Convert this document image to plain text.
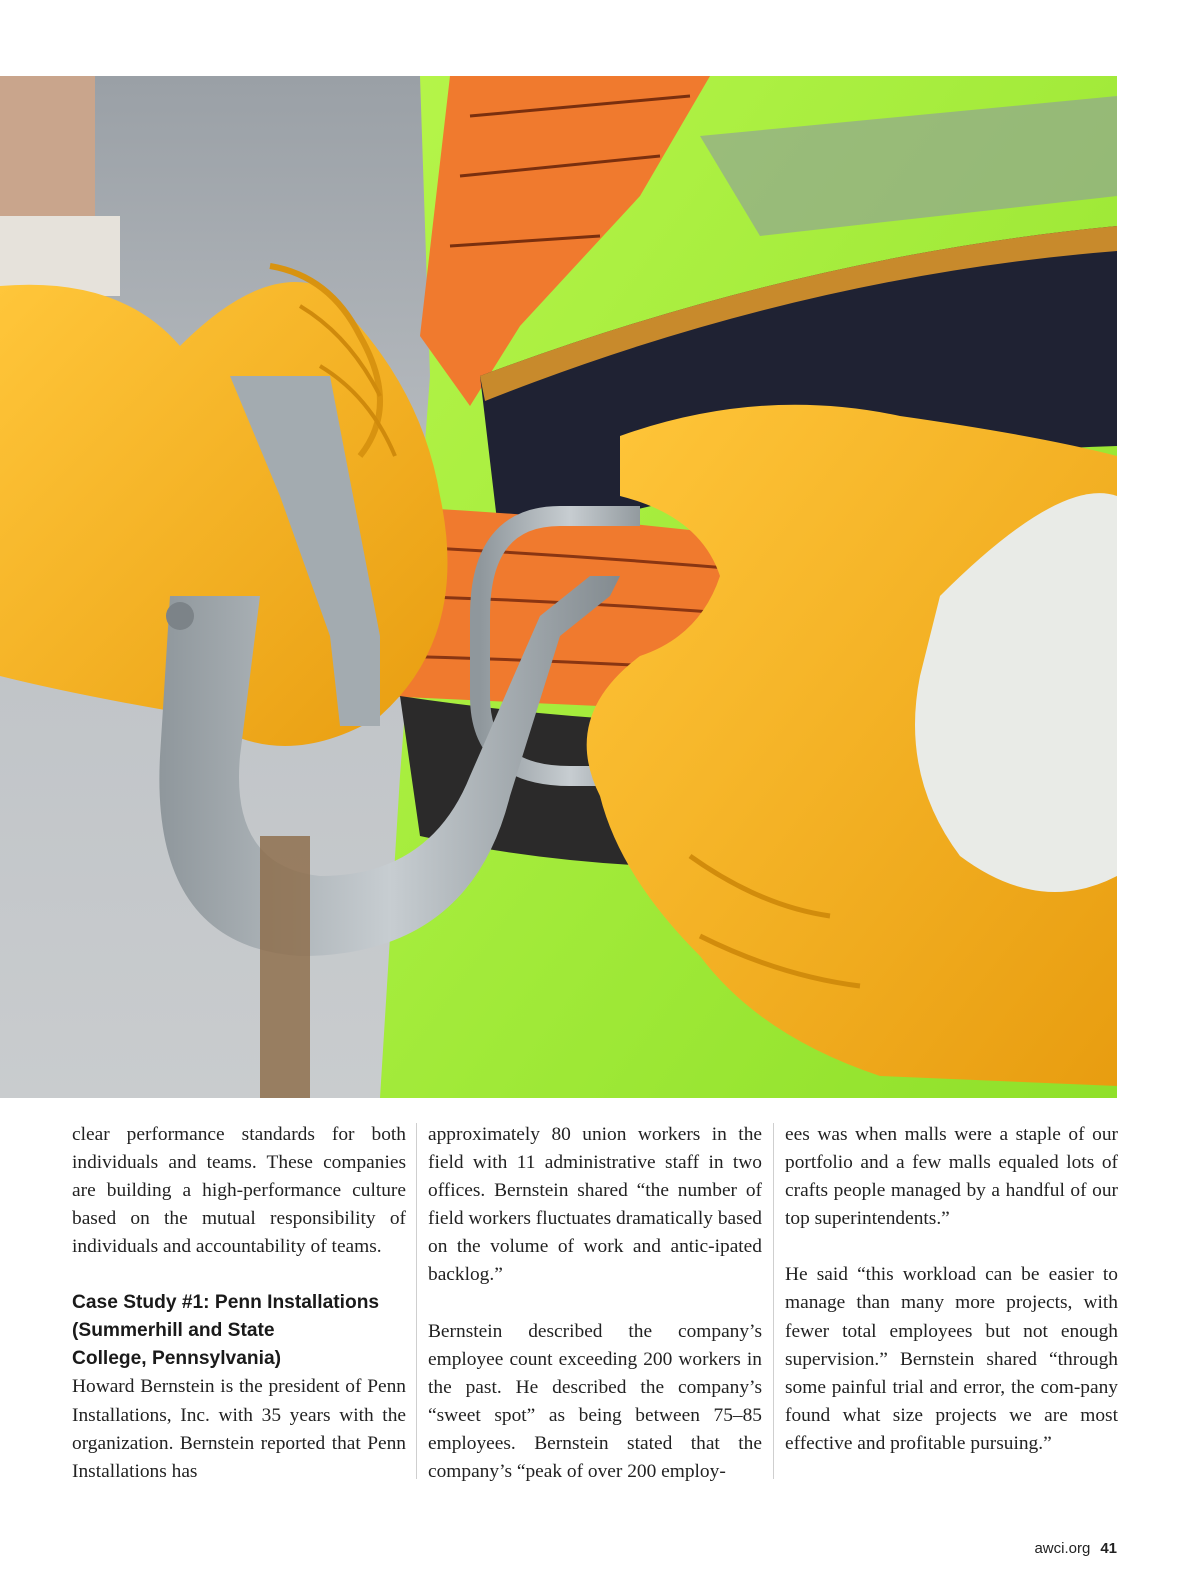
clear performance standards for both individuals and teams. These companies are building a high-performance culture based on the mutual responsibility of individuals and accountability of teams.

Case Study #1: Penn Installations
(Summerhill and State
College, Pennsylvania)

Howard Bernstein is the president of Penn Installations, Inc. with 35 years with the organization. Bernstein reported that Penn Installations has

approximately 80 union workers in the field with 11 administrative staff in two offices. Bernstein shared “the number of field workers fluctuates dramatically based on the volume of work and antic-ipated backlog.”

Bernstein described the company’s employee count exceeding 200 workers in the past. He described the company’s “sweet spot” as being between 75–85 employees. Bernstein stated that the company’s “peak of over 200 employ-

ees was when malls were a staple of our portfolio and a few malls equaled lots of crafts people managed by a handful of our top superintendents.”

He said “this workload can be easier to manage than many more projects, with fewer total employees but not enough supervision.” Bernstein shared “through some painful trial and error, the com-pany found what size projects we are most effective and profitable pursuing.”

awci.org 41
